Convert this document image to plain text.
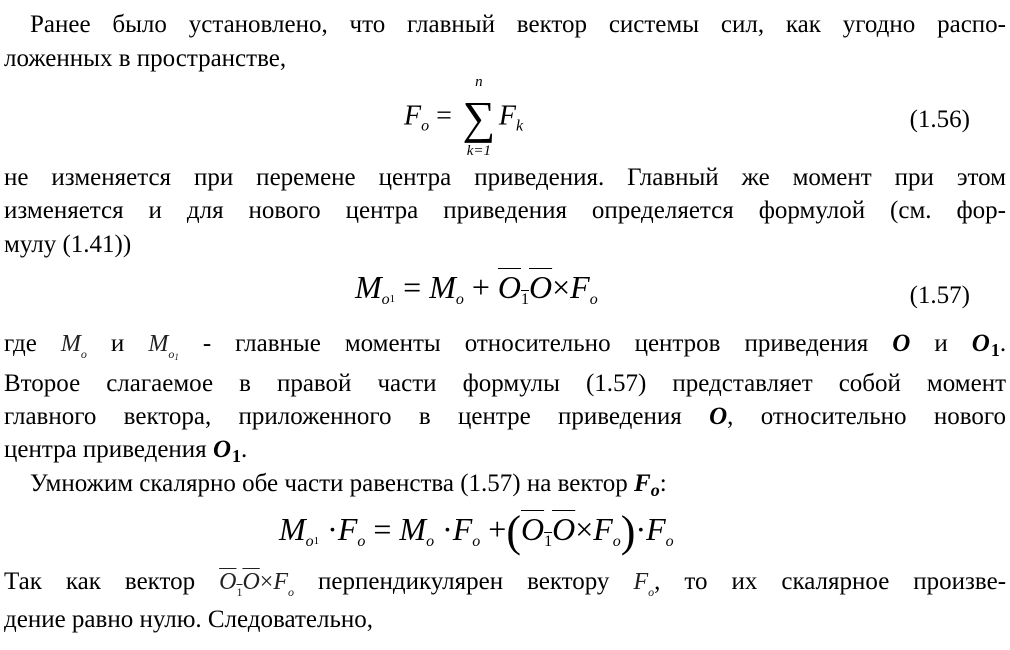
Ранее было установлено, что главный вектор системы сил, как угодно распо-
ложенных в пространстве,
$F_o$ =
n
∑
k=1
$F_k$	(1.56)
не изменяется при перемене центра приведения. Главный же момент при этом
изменяется и для нового центра приведения определяется формулой (см. фор-
мулу (1.41))
$M_o1 = M_o + O_1O\times F_o$	(1.57)
где $M_o$ и $M_{o1}$ - главные моменты относительно центров приведения O и $O_1$.
Второе слагаемое в правой части формулы (1.57) представляет собой момент
главного вектора, приложенного в центре приведения O, относительно нового
центра приведения $O_1$.
Умножим скалярно обе части равенства (1.57) на вектор $F_o$:
$M_o1 \cdot F_o = M_o \cdot F_o +(O_1O\times F_o)\cdot F_o$
Так как вектор $O_1O\times F_o$ перпендикулярен вектору $F_o$, то их скалярное произве-
дение равно нулю. Следовательно,
